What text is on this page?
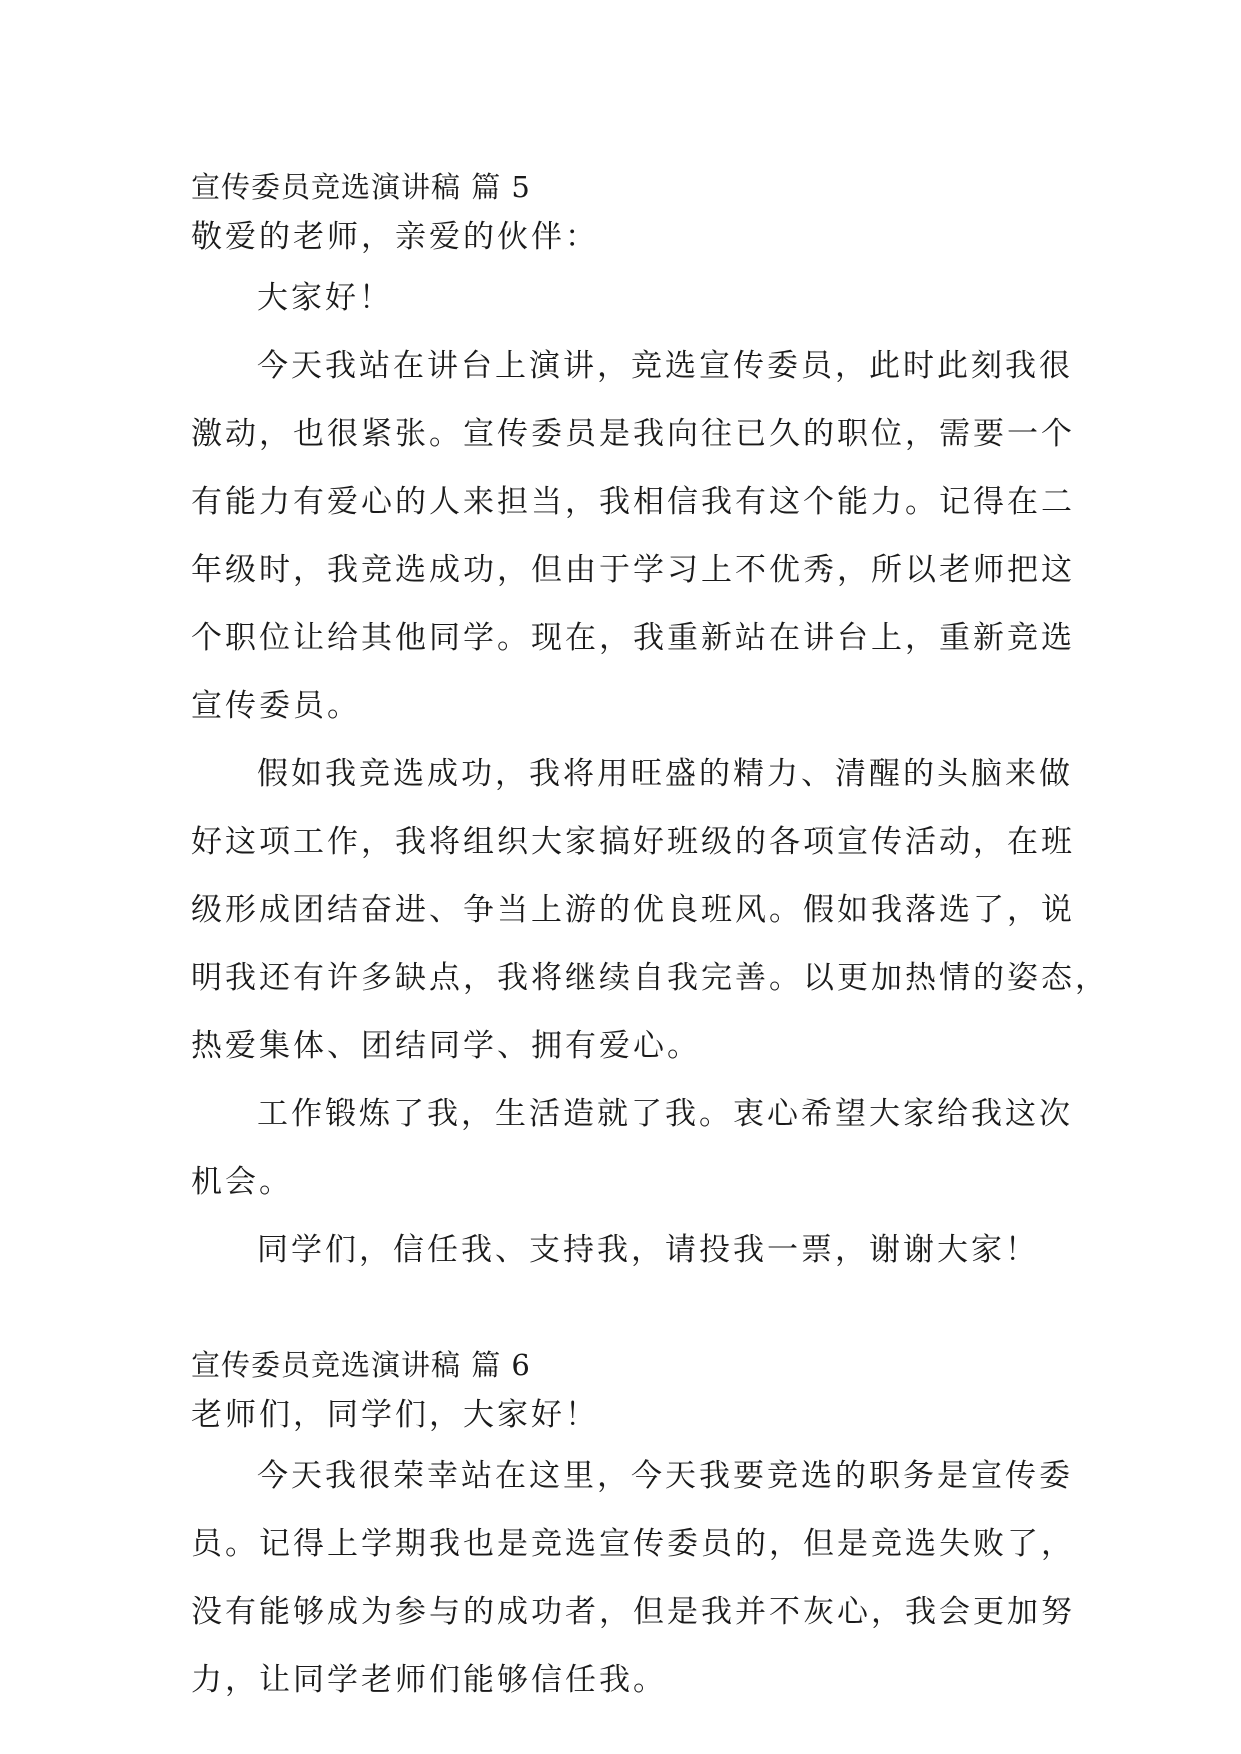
宣传委员竞选演讲稿 篇 5

敬爱的老师，亲爱的伙伴：

大家好！

今天我站在讲台上演讲，竞选宣传委员，此时此刻我很

激动，也很紧张。宣传委员是我向往已久的职位，需要一个

有能力有爱心的人来担当，我相信我有这个能力。记得在二

年级时，我竞选成功，但由于学习上不优秀，所以老师把这

个职位让给其他同学。现在，我重新站在讲台上，重新竞选

宣传委员。

假如我竞选成功，我将用旺盛的精力、清醒的头脑来做

好这项工作，我将组织大家搞好班级的各项宣传活动，在班

级形成团结奋进、争当上游的优良班风。假如我落选了，说

明我还有许多缺点，我将继续自我完善。以更加热情的姿态，

热爱集体、团结同学、拥有爱心。

工作锻炼了我，生活造就了我。衷心希望大家给我这次

机会。

同学们，信任我、支持我，请投我一票，谢谢大家！

宣传委员竞选演讲稿 篇 6

老师们，同学们，大家好！

今天我很荣幸站在这里，今天我要竞选的职务是宣传委

员。记得上学期我也是竞选宣传委员的，但是竞选失败了，

没有能够成为参与的成功者，但是我并不灰心，我会更加努

力，让同学老师们能够信任我。
